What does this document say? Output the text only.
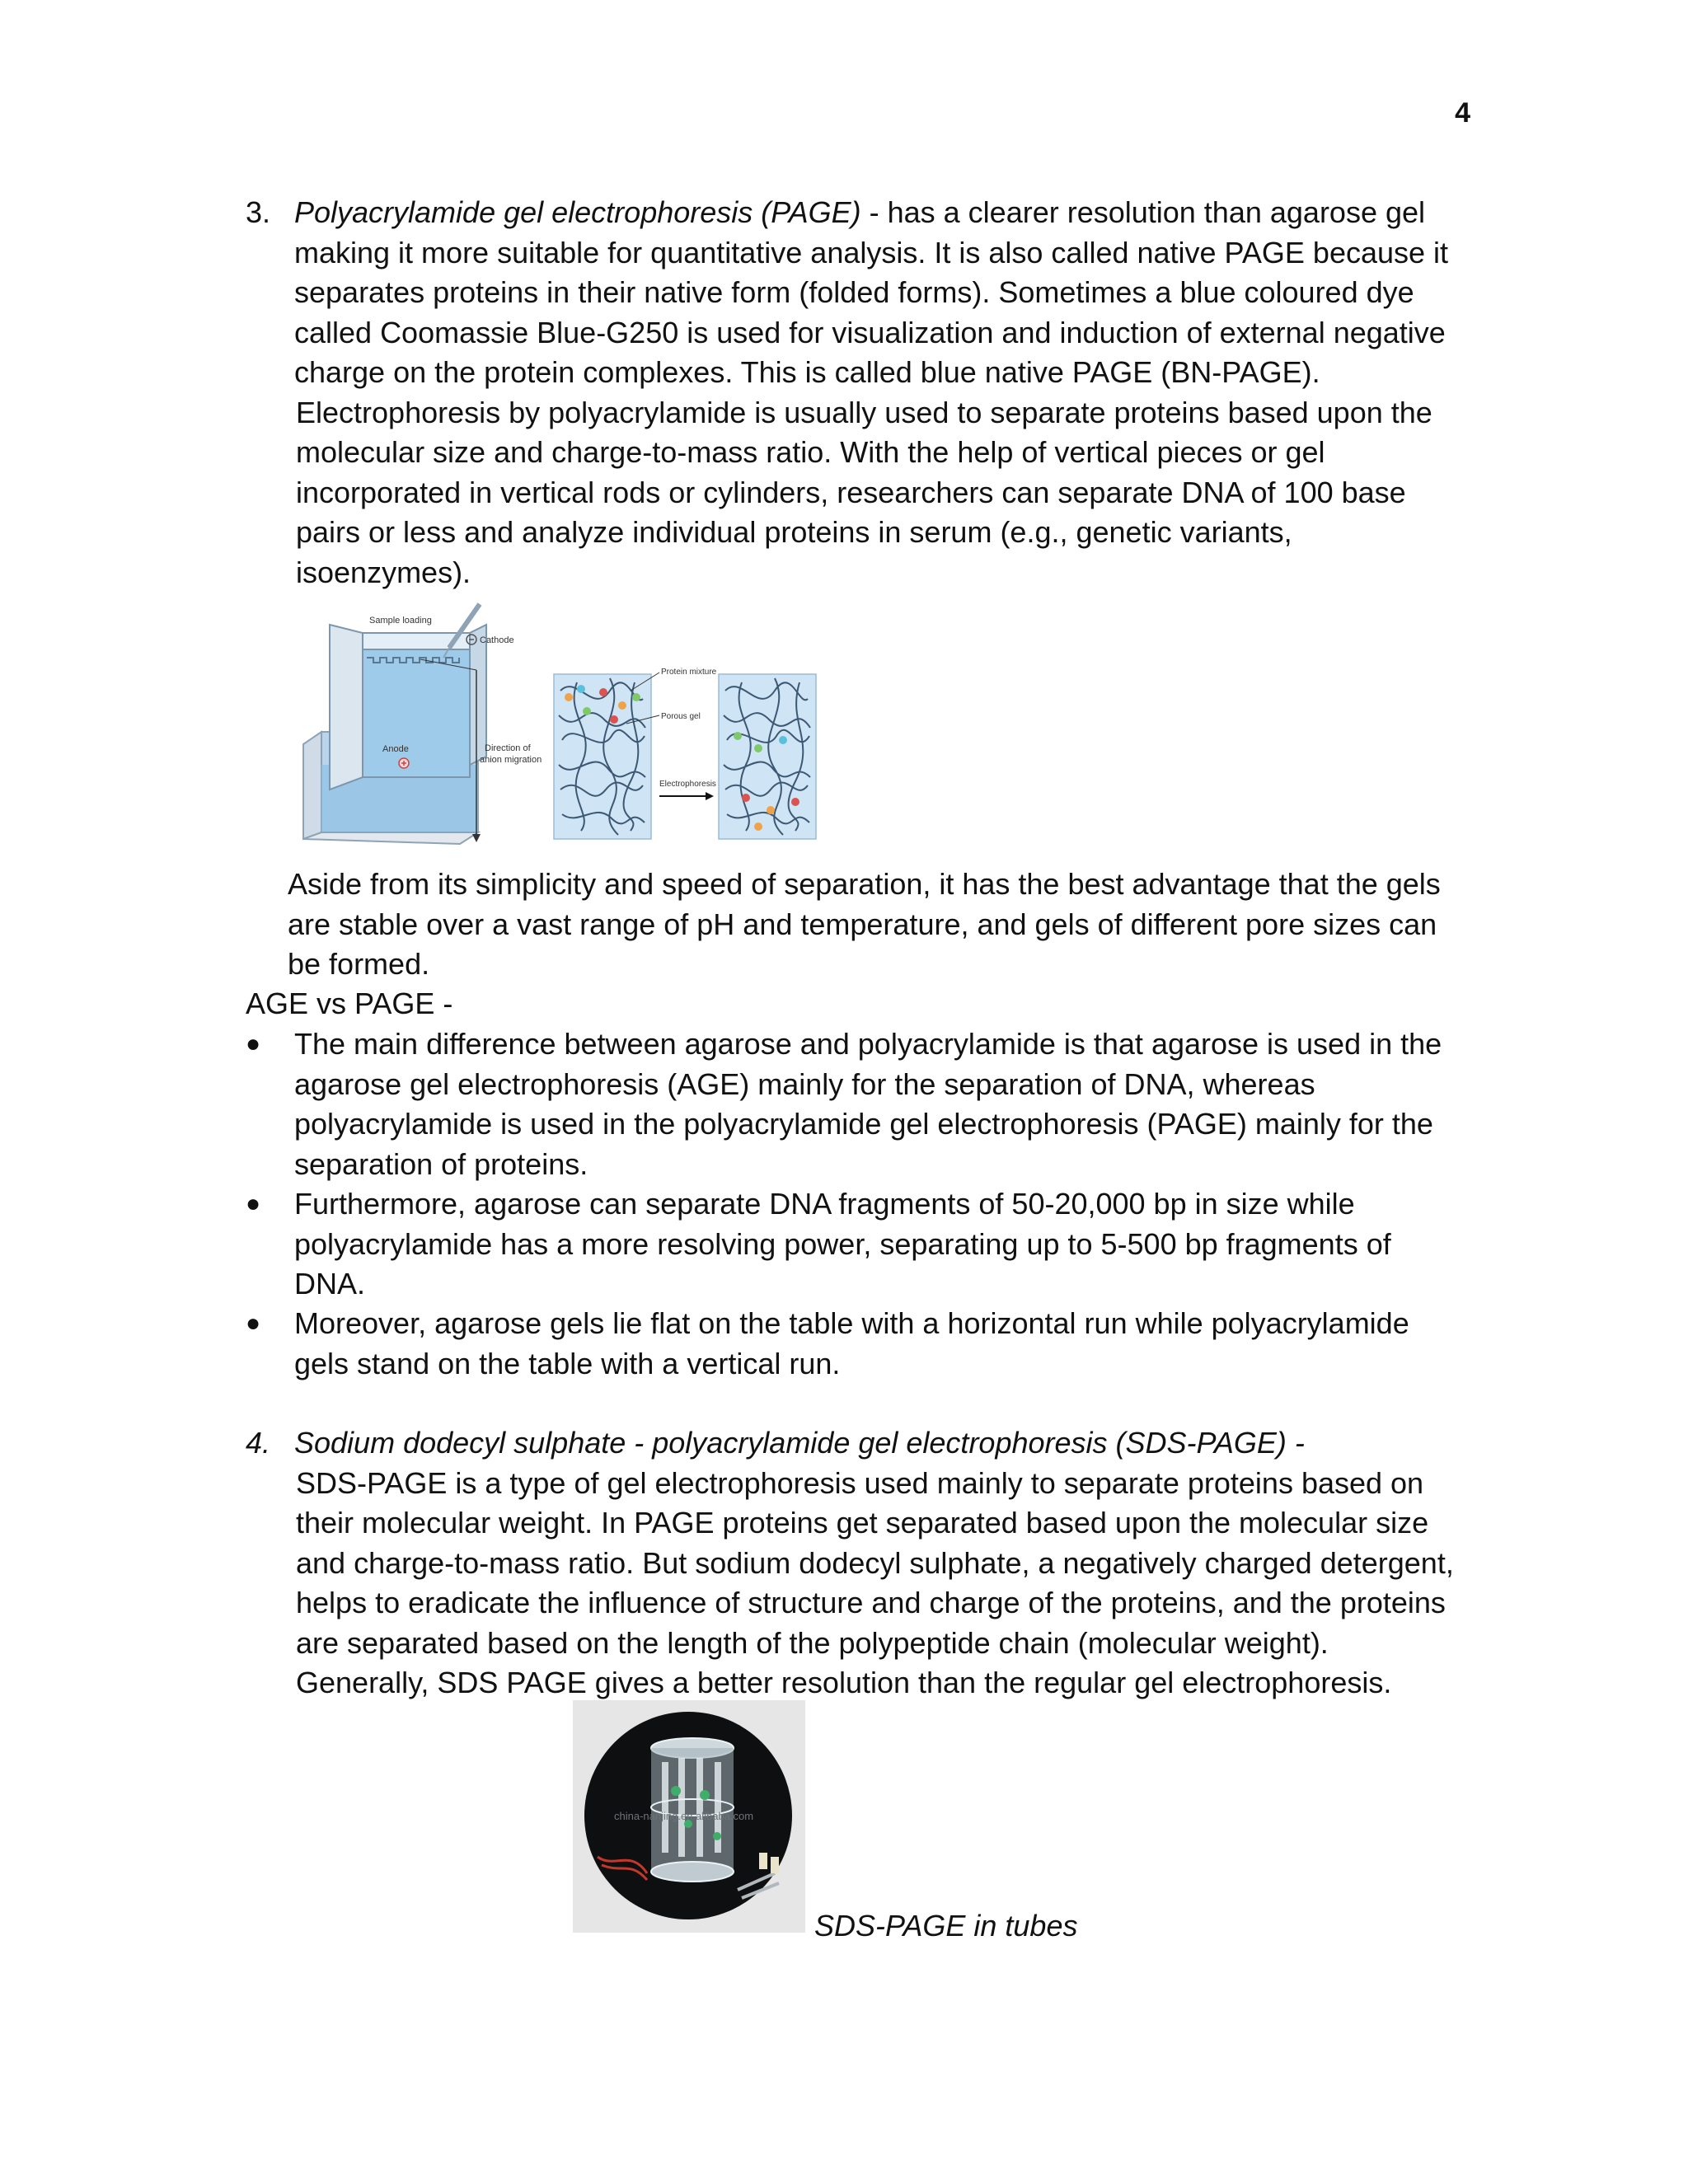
4
3. Polyacrylamide gel electrophoresis (PAGE) - has a clearer resolution than agarose gel
making it more suitable for quantitative analysis. It is also called native PAGE because it
separates proteins in their native form (folded forms). Sometimes a blue coloured dye
called Coomassie Blue-G250 is used for visualization and induction of external negative
charge on the protein complexes. This is called blue native PAGE (BN-PAGE).
Electrophoresis by polyacrylamide is usually used to separate proteins based upon the
molecular size and charge-to-mass ratio. With the help of vertical pieces or gel
incorporated in vertical rods or cylinders, researchers can separate DNA of 100 base
pairs or less and analyze individual proteins in serum (e.g., genetic variants,
isoenzymes).
Sample loading
Cathode
Anode	Direction of
anion migration
Protein mixture
Porous gel
Electrophoresis
Aside from its simplicity and speed of separation, it has the best advantage that the gels
are stable over a vast range of pH and temperature, and gels of different pore sizes can
be formed.
AGE vs PAGE -
● The main difference between agarose and polyacrylamide is that agarose is used in the
agarose gel electrophoresis (AGE) mainly for the separation of DNA, whereas
polyacrylamide is used in the polyacrylamide gel electrophoresis (PAGE) mainly for the
separation of proteins.
● Furthermore, agarose can separate DNA fragments of 50-20,000 bp in size while
polyacrylamide has a more resolving power, separating up to 5-500 bp fragments of
DNA.
● Moreover, agarose gels lie flat on the table with a horizontal run while polyacrylamide
gels stand on the table with a vertical run.
4. Sodium dodecyl sulphate - polyacrylamide gel electrophoresis (SDS-PAGE) -
SDS-PAGE is a type of gel electrophoresis used mainly to separate proteins based on
their molecular weight. In PAGE proteins get separated based upon the molecular size
and charge-to-mass ratio. But sodium dodecyl sulphate, a negatively charged detergent,
helps to eradicate the influence of structure and charge of the proteins, and the proteins
are separated based on the length of the polypeptide chain (molecular weight).
Generally, SDS PAGE gives a better resolution than the regular gel electrophoresis.
china-nanjing.en.alibaba.com
SDS-PAGE in tubes
